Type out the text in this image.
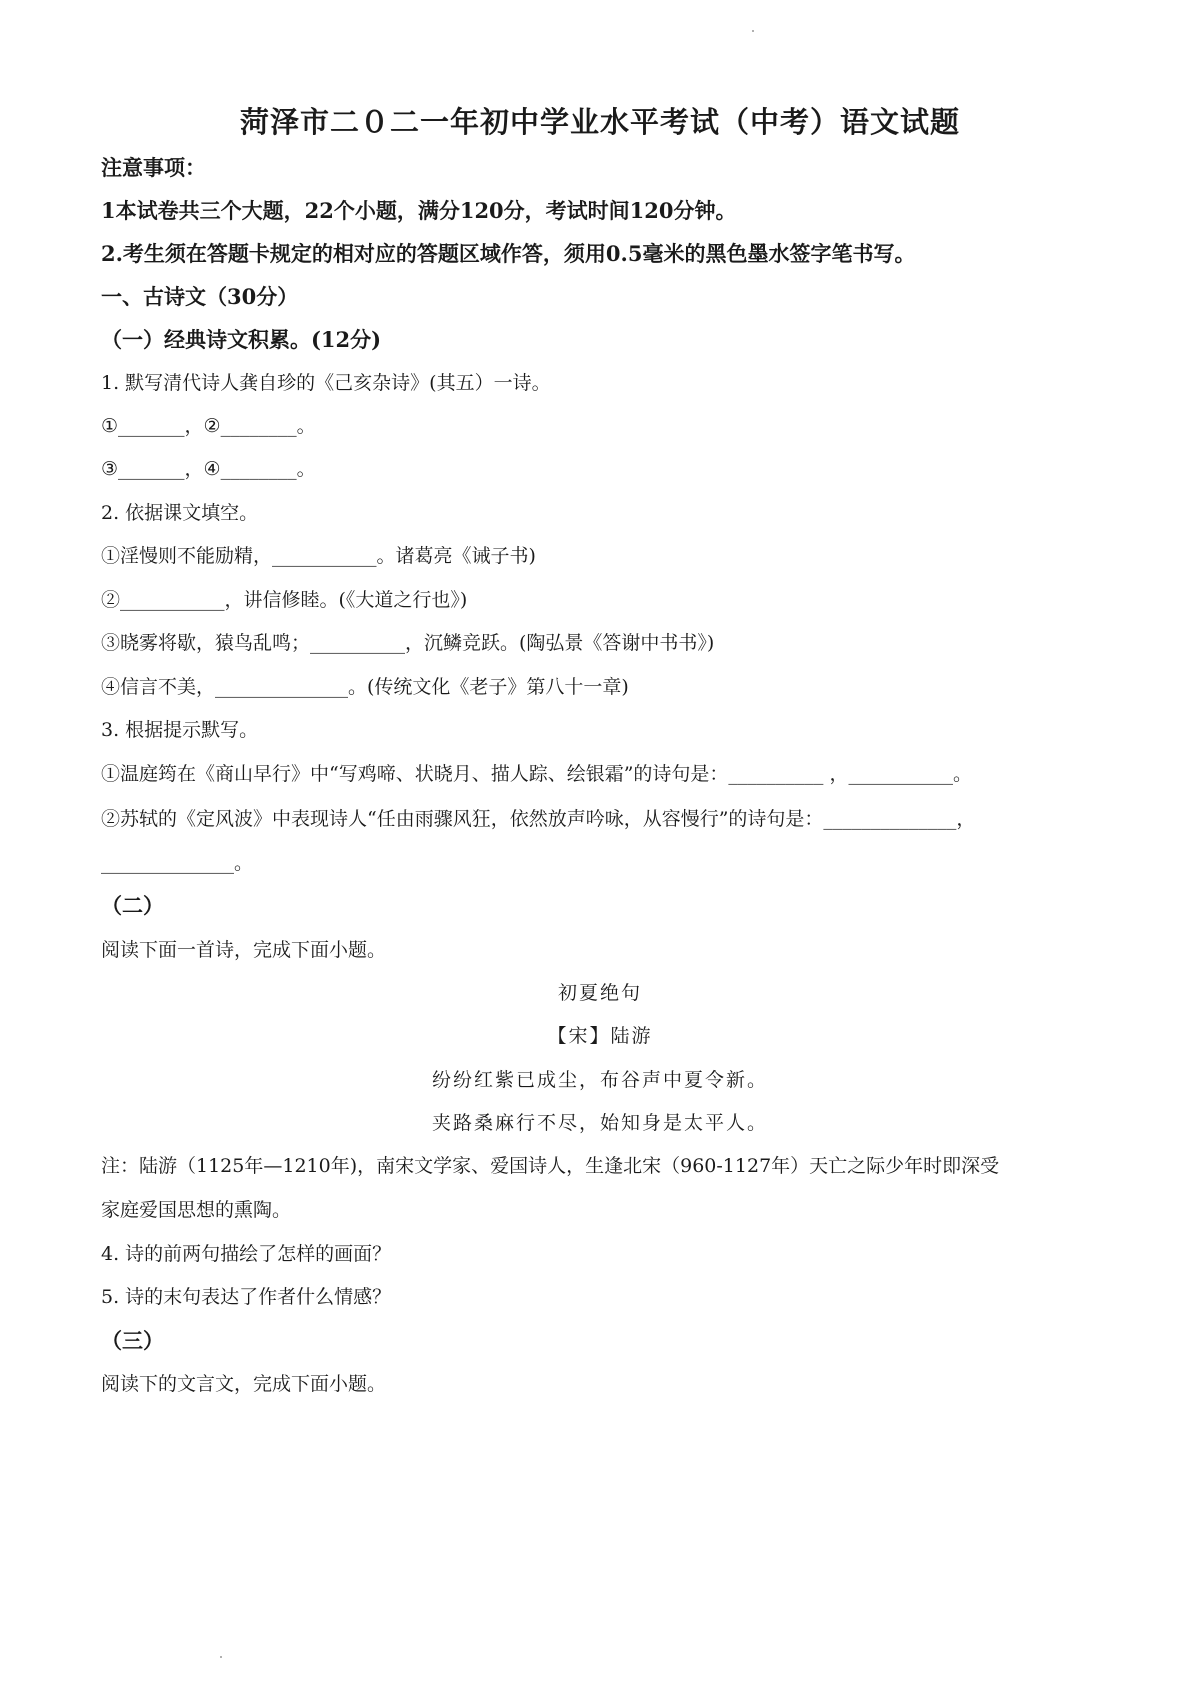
菏泽市二０二一年初中学业水平考试（中考）语文试题
注意事项：
1本试卷共三个大题，22个小题，满分120分，考试时间120分钟。
2.考生须在答题卡规定的相对应的答题区域作答，须用0.5毫米的黑色墨水签字笔书写。
一、古诗文（30分）
（一）经典诗文积累。(12分)
1. 默写清代诗人龚自珍的《己亥杂诗》(其五）一诗。
①_______，②________。
③_______，④________。
2. 依据课文填空。
①淫慢则不能励精，___________。诸葛亮《诫子书)
②___________，讲信修睦。(《大道之行也》)
③晓雾将歇，猿鸟乱鸣；__________，沉鳞竞跃。(陶弘景《答谢中书书》)
④信言不美，______________。(传统文化《老子》第八十一章)
3. 根据提示默写。
①温庭筠在《商山早行》中“写鸡啼、状晓月、描人踪、绘银霜”的诗句是：__________ ，___________。
②苏轼的《定风波》中表现诗人“任由雨骤风狂，依然放声吟咏，从容慢行”的诗句是：______________，
______________。
（二）
阅读下面一首诗，完成下面小题。
初夏绝句
【宋】陆游
纷纷红紫已成尘，布谷声中夏令新。
夹路桑麻行不尽，始知身是太平人。
注：陆游（1125年—1210年)，南宋文学家、爱国诗人，生逢北宋（960-1127年）天亡之际少年时即深受
家庭爱国思想的熏陶。
4. 诗的前两句描绘了怎样的画面？
5. 诗的末句表达了作者什么情感？
（三）
阅读下的文言文，完成下面小题。
